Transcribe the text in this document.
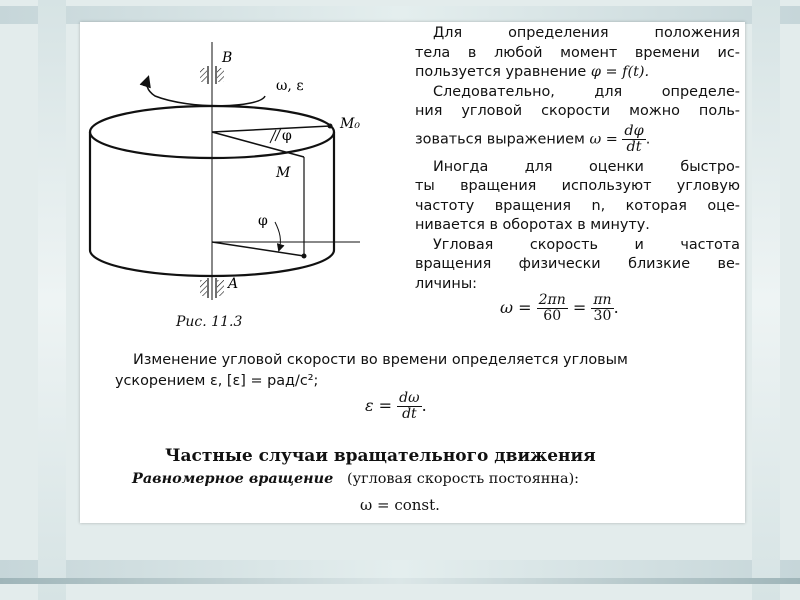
B
A
ω, ε
M₀
M
φ
φ
Рис. 11.3
Для определения положения
тела в любой момент времени ис-
пользуется уравнение φ = f(t).
Следовательно, для определе-
ния угловой скорости можно поль-
зоваться выражением $\omega = \frac{d\varphi}{dt}$ .
Иногда для оценки быстро-
ты вращения используют угловую
частоту вращения n, которая оце-
нивается в оборотах в минуту.
Угловая скорость и частота
вращения физически близкие ве-
личины:
$\omega = \frac{2\pi n}{60} = \frac{\pi n}{30}$ .
Изменение угловой скорости во времени определяется угловым
ускорением ε, [ε] = рад/с²;
$\varepsilon = \frac{d\omega}{dt}$ .
Частные случаи вращательного движения
Равномерное вращение (угловая скорость постоянна):
ω = const.
